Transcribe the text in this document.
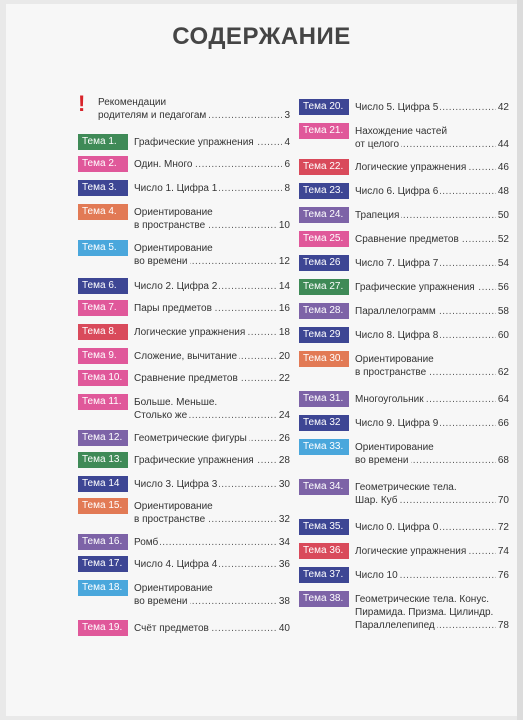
СОДЕРЖАНИЕ
!	Рекомендации
родителям и педагогам	3
.....
Тема 1.	Графические упражнения	4
.....
Тема 2.	Один. Много	6
.....
Тема 3.	Число 1. Цифра 1	8
.....
Тема 4.	Ориентирование
в пространстве	10
.....
Тема 5.	Ориентирование
во времени	12
.....
Тема 6.	Число 2. Цифра 2	14
.....
Тема 7.	Пары предметов	16
.....
Тема 8.	Логические упражнения	18
.....
Тема 9.	Сложение, вычитание	20
.....
Тема 10.	Сравнение предметов	22
.....
Тема 11.	Больше. Меньше.
Столько же	24
.....
Тема 12.	Геометрические фигуры	26
.....
Тема 13.	Графические упражнения	28
.....
Тема 14	Число 3. Цифра 3	30
.....
Тема 15.	Ориентирование
в пространстве	32
.....
Тема 16.	Ромб	34
.....
Тема 17.	Число 4. Цифра 4	36
.....
Тема 18.	Ориентирование
во времени	38
.....
Тема 19.	Счёт предметов	40
.....
Тема 20.	Число 5. Цифра 5	42
.....
Тема 21.	Нахождение частей
от целого	44
.....
Тема 22.	Логические упражнения	46
.....
Тема 23.	Число 6. Цифра 6	48
.....
Тема 24.	Трапеция	50
.....
Тема 25.	Сравнение предметов	52
.....
Тема 26	Число 7. Цифра 7	54
.....
Тема 27.	Графические упражнения 56
.....
Тема 28.	Параллелограмм	58
.....
Тема 29	Число 8. Цифра 8	60
.....
Тема 30.	Ориентирование
в пространстве	62
.....
Тема 31.	Многоугольник	64
.....
Тема 32	Число 9. Цифра 9	66
.....
Тема 33.	Ориентирование
во времени	68
.....
Тема 34.	Геометрические тела.
Шар. Куб	70
.....
Тема 35.	Число 0. Цифра 0	72
.....
Тема 36.	Логические упражнения	74
.....
Тема 37.	Число 10	76
.....
Тема 38.	Геометрические тела. Конус.
Пирамида. Призма. Цилиндр.
Параллелепипед	78
.....
